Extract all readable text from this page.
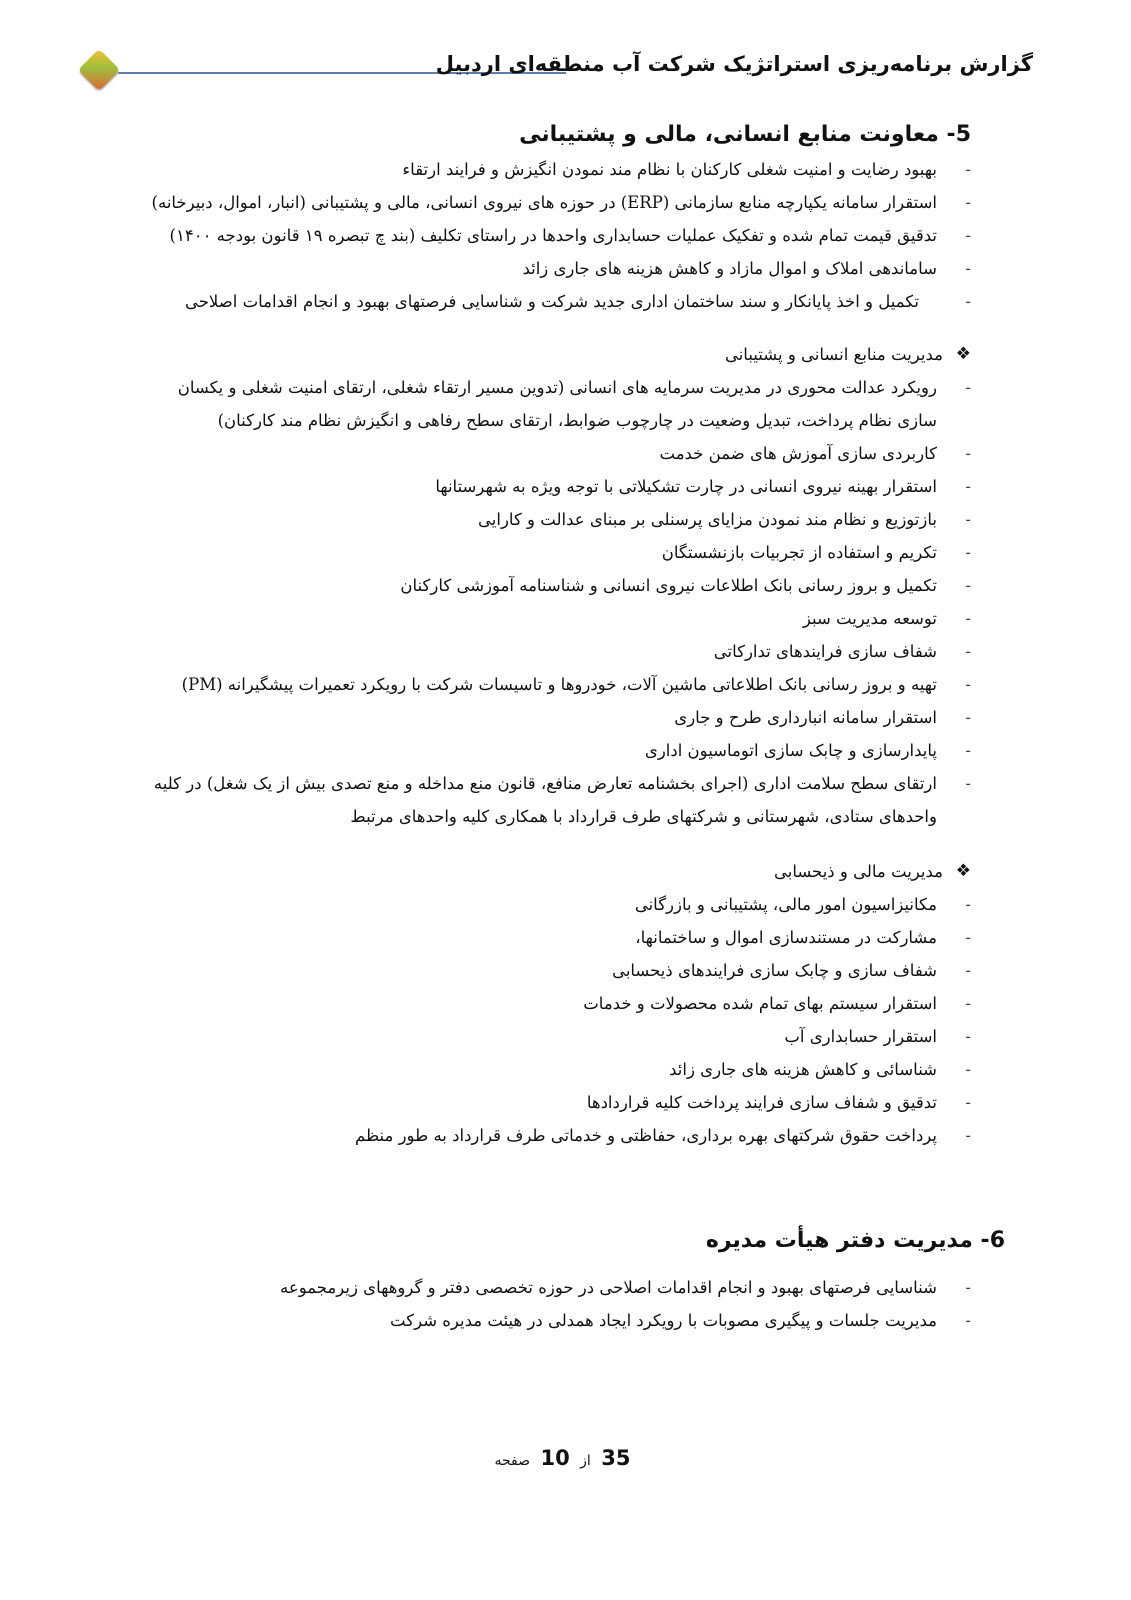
گزارش برنامه‌ریزی استراتژیک شرکت آب منطقه‌ای اردبیل
5- معاونت منابع انسانی، مالی و پشتیبانی
- بهبود رضایت و امنیت شغلی کارکنان با نظام مند نمودن انگیزش و فرایند ارتقاء
- استقرار سامانه یکپارچه منابع سازمانی (ERP) در حوزه های نیروی انسانی، مالی و پشتیبانی (انبار، اموال، دبیرخانه)
- تدقیق قیمت تمام شده و تفکیک عملیات حسابداری واحدها در راستای تکلیف (بند چ تبصره ۱۹ قانون بودجه ۱۴۰۰)
- ساماندهی املاک و اموال مازاد و کاهش هزینه های جاری زائد
- تکمیل و اخذ پایانکار و سند ساختمان اداری جدید شرکت و شناسایی فرصتهای بهبود و انجام اقدامات اصلاحی
❖
مدیریت منابع انسانی و پشتیبانی
- رویکرد عدالت محوری در مدیریت سرمایه های انسانی (تدوین مسیر ارتقاء شغلی، ارتقای امنیت شغلی و یکسان سازی نظام پرداخت، تبدیل وضعیت در چارچوب ضوابط، ارتقای سطح رفاهی و انگیزش نظام مند کارکنان)
- کاربردی سازی آموزش های ضمن خدمت
- استقرار بهینه نیروی انسانی در چارت تشکیلاتی با توجه ویژه به شهرستانها
- بازتوزیع و نظام مند نمودن مزایای پرسنلی بر مبنای عدالت و کارایی
- تکریم و استفاده از تجربیات بازنشستگان
- تکمیل و بروز رسانی بانک اطلاعات نیروی انسانی و شناسنامه آموزشی کارکنان
- توسعه مدیریت سبز
- شفاف سازی فرایندهای تدارکاتی
- تهیه و بروز رسانی بانک اطلاعاتی ماشین آلات، خودروها و تاسیسات شرکت با رویکرد تعمیرات پیشگیرانه (PM)
- استقرار سامانه انبارداری طرح و جاری
- پایدارسازی و چابک سازی اتوماسیون اداری
- ارتقای سطح سلامت اداری (اجرای بخشنامه تعارض منافع، قانون منع مداخله و منع تصدی بیش از یک شغل) در کلیه واحدهای ستادی، شهرستانی و شرکتهای طرف قرارداد با همکاری کلیه واحدهای مرتبط
❖
مدیریت مالی و ذیحسابی
- مکانیزاسیون امور مالی، پشتیبانی و بازرگانی
- مشارکت در مستندسازی اموال و ساختمانها،
- شفاف سازی و چابک سازی فرایندهای ذیحسابی
- استقرار سیستم بهای تمام شده محصولات و خدمات
- استقرار حسابداری آب
- شناسائی و کاهش هزینه های جاری زائد
- تدقیق و شفاف سازی فرایند پرداخت کلیه قراردادها
- پرداخت حقوق شرکتهای بهره برداری، حفاظتی و خدماتی طرف قرارداد به طور منظم
6- مدیریت دفتر هیأت مدیره
- شناسایی فرصتهای بهبود و انجام اقدامات اصلاحی در حوزه تخصصی دفتر و گروههای زیرمجموعه
- مدیریت جلسات و پیگیری مصوبات با رویکرد ایجاد همدلی در هیئت مدیره شرکت
35 از 10 صفحه
